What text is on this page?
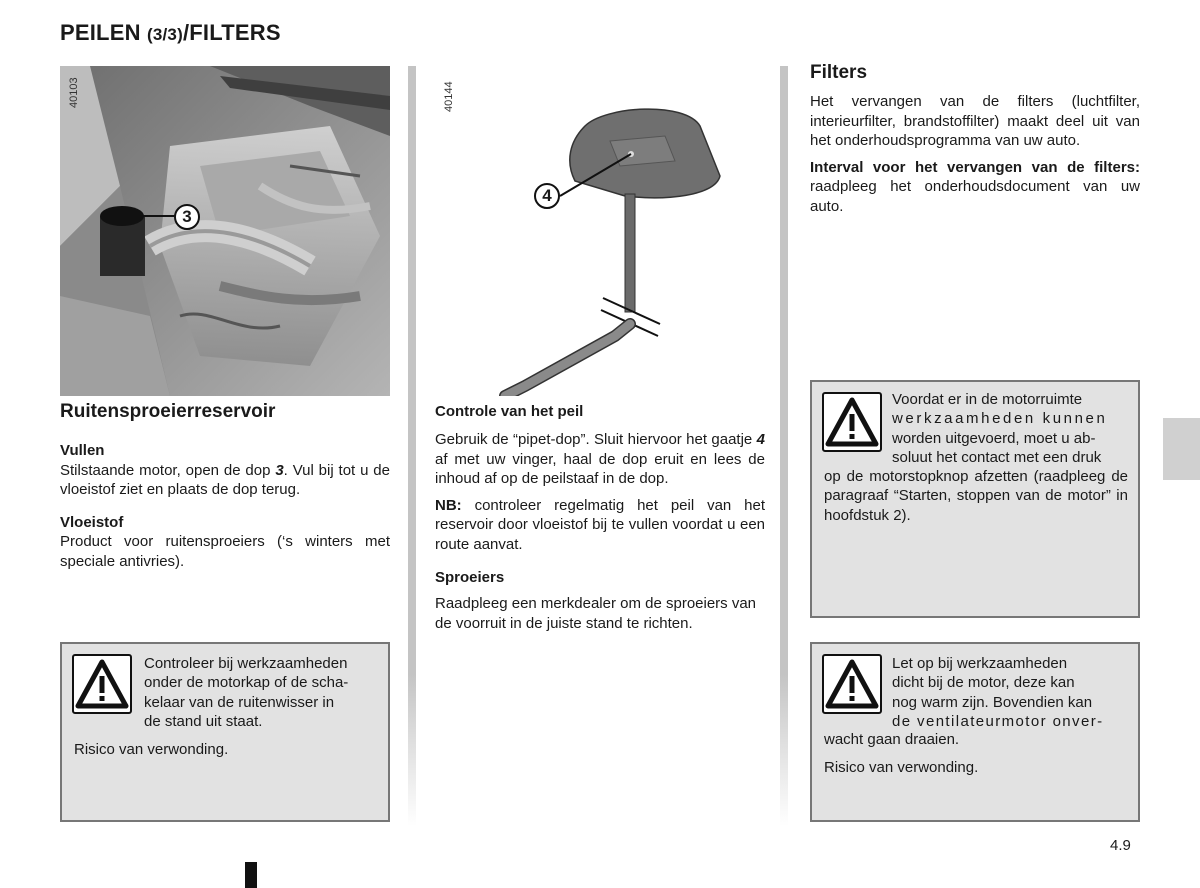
PEILEN (3/3)/FILTERS
40103
3
Ruitensproeierreservoir
Vullen

Stilstaande motor, open de dop 3. Vul bij tot u de vloeistof ziet en plaats de dop terug.

Vloeistof

Product voor ruitensproeiers (‘s winters met speciale antivries).

Controleer bij werkzaamheden
onder de motorkap of de scha-
kelaar van de ruitenwisser in
de stand uit staat.
Risico van verwonding.
40144
4
Controle van het peil

Gebruik de “pipet-dop”. Sluit hiervoor het gaatje 4 af met uw vinger, haal de dop eruit en lees de inhoud af op de peilstaaf in de dop.

NB: controleer regelmatig het peil van het reservoir door vloeistof bij te vullen voordat u een route aanvat.

Sproeiers

Raadpleeg een merkdealer om de sproeiers van de voorruit in de juiste stand te richten.

Filters

Het vervangen van de filters (luchtfilter, interieurfilter, brandstoffilter) maakt deel uit van het onderhoudsprogramma van uw auto.

Interval voor het vervangen van de filters: raadpleeg het onderhoudsdocument van uw auto.

Voordat er in de motorruimte
werkzaamheden kunnen
worden uitgevoerd, moet u ab-
soluut het contact met een druk
op de motorstopknop afzetten (raadpleeg de paragraaf “Starten, stoppen van de motor” in hoofdstuk 2).
Let op bij werkzaamheden
dicht bij de motor, deze kan
nog warm zijn. Bovendien kan
de ventilateurmotor onver-
wacht gaan draaien.
Risico van verwonding.
4.9
